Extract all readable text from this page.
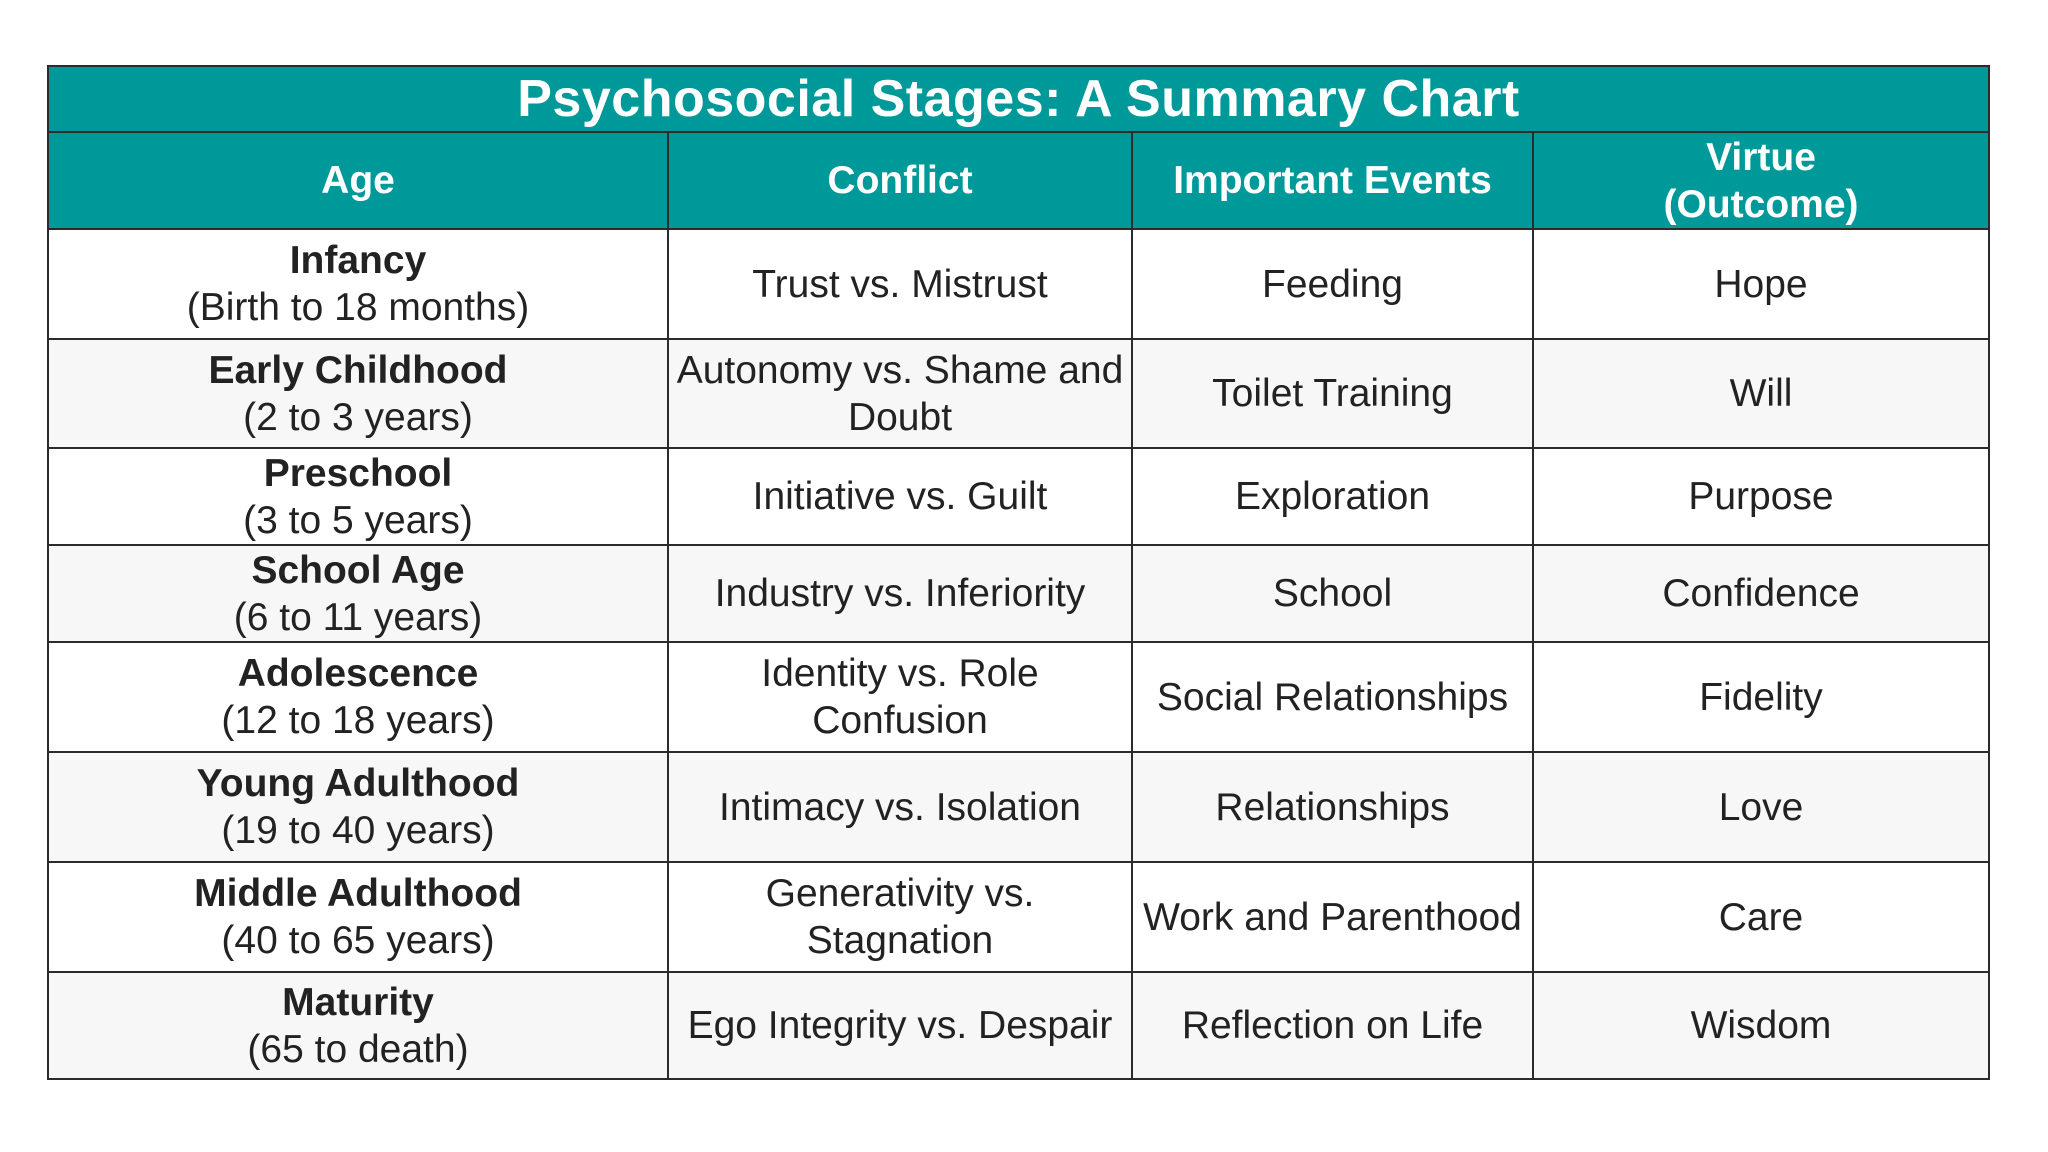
Psychosocial Stages: A Summary Chart			
Age	Conflict	Important Events	Virtue
(Outcome)

Infancy
(Birth to 18 months)	Trust vs. Mistrust	Feeding	Hope

Early Childhood
(2 to 3 years)	Autonomy vs. Shame and Doubt	Toilet Training	Will

Preschool
(3 to 5 years)	Initiative vs. Guilt	Exploration	Purpose

School Age
(6 to 11 years)	Industry vs. Inferiority	School	Confidence

Adolescence
(12 to 18 years)	Identity vs. Role Confusion	Social Relationships	Fidelity

Young Adulthood
(19 to 40 years)	Intimacy vs. Isolation	Relationships	Love

Middle Adulthood
(40 to 65 years)	Generativity vs. Stagnation	Work and Parenthood	Care

Maturity
(65 to death)	Ego Integrity vs. Despair	Reflection on Life	Wisdom
